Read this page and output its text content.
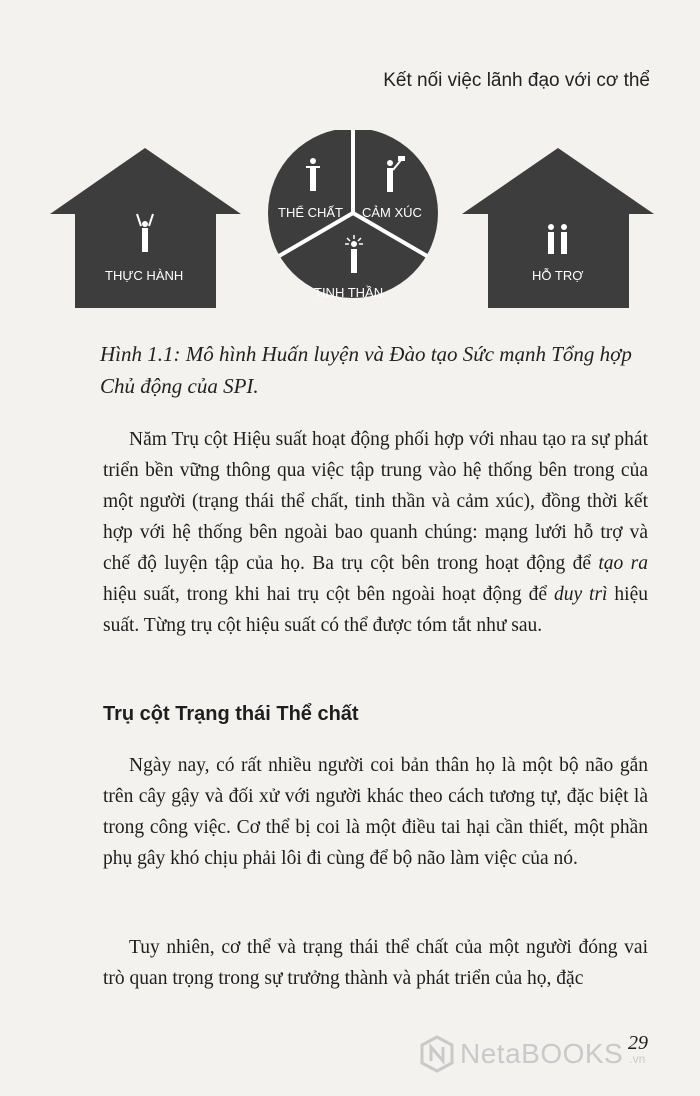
Kết nối việc lãnh đạo với cơ thể
THỰC HÀNH
THỂ CHẤT CẢM XÚC
TINH THẦN
HỖ TRỢ
Hình 1.1: Mô hình Huấn luyện và Đào tạo Sức mạnh Tổng hợp Chủ động của SPI.

Năm Trụ cột Hiệu suất hoạt động phối hợp với nhau tạo ra sự phát triển bền vững thông qua việc tập trung vào hệ thống bên trong của một người (trạng thái thể chất, tinh thần và cảm xúc), đồng thời kết hợp với hệ thống bên ngoài bao quanh chúng: mạng lưới hỗ trợ và chế độ luyện tập của họ. Ba trụ cột bên trong hoạt động để tạo ra hiệu suất, trong khi hai trụ cột bên ngoài hoạt động để duy trì hiệu suất. Từng trụ cột hiệu suất có thể được tóm tắt như sau.

Trụ cột Trạng thái Thể chất

Ngày nay, có rất nhiều người coi bản thân họ là một bộ não gắn trên cây gậy và đối xử với người khác theo cách tương tự, đặc biệt là trong công việc. Cơ thể bị coi là một điều tai hại cần thiết, một phần phụ gây khó chịu phải lôi đi cùng để bộ não làm việc của nó.

Tuy nhiên, cơ thể và trạng thái thể chất của một người đóng vai trò quan trọng trong sự trưởng thành và phát triển của họ, đặc

29
NetaBOOKS .vn
